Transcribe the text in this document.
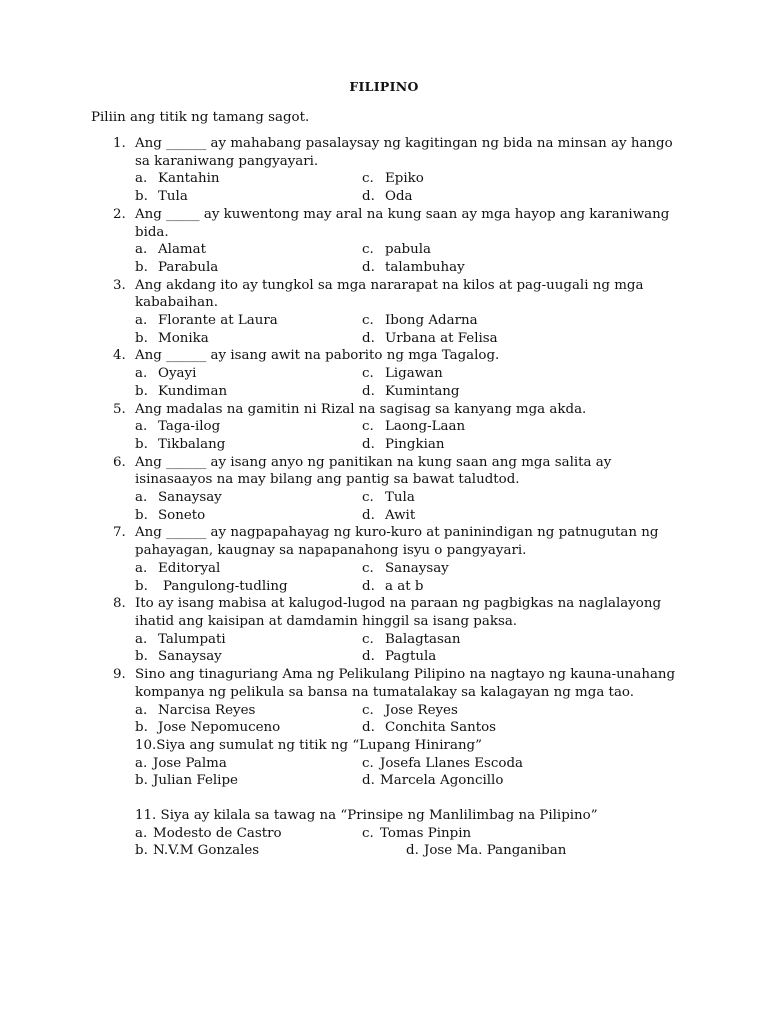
FILIPINO
Piliin ang titik ng tamang sagot.
1. Ang ______ ay mahabang pasalaysay ng kagitingan ng bida na minsan ay hango sa karaniwang pangyayari.
a. Kantahin	c. Epiko
b. Tula	d. Oda
2. Ang _____ ay kuwentong may aral na kung saan ay mga hayop ang karaniwang bida.
a. Alamat	c. pabula
b. Parabula	d. talambuhay
3. Ang akdang ito ay tungkol sa mga nararapat na kilos at pag-uugali ng mga kababaihan.
a. Florante at Laura	c. Ibong Adarna
b. Monika	d. Urbana at Felisa
4. Ang ______ ay isang awit na paborito ng mga Tagalog.
a. Oyayi	c. Ligawan
b. Kundiman	d. Kumintang
5. Ang madalas na gamitin ni Rizal na sagisag sa kanyang mga akda.
a. Taga-ilog	c. Laong-Laan
b. Tikbalang	d. Pingkian
6. Ang ______ ay isang anyo ng panitikan na kung saan ang mga salita ay isinasaayos na may bilang ang pantig sa bawat taludtod.
a. Sanaysay	c. Tula
b. Soneto	d. Awit
7. Ang ______ ay nagpapahayag ng kuro-kuro at paninindigan ng patnugutan ng pahayagan, kaugnay sa napapanahong isyu o pangyayari.
a. Editoryal	c. Sanaysay
b. Pangulong-tudling	d. a at b
8. Ito ay isang mabisa at kalugod-lugod na paraan ng pagbigkas na naglalayong ihatid ang kaisipan at damdamin hinggil sa isang paksa.
a. Talumpati	c. Balagtasan
b. Sanaysay	d. Pagtula
9. Sino ang tinaguriang Ama ng Pelikulang Pilipino na nagtayo ng kauna-unahang kompanya ng pelikula sa bansa na tumatalakay sa kalagayan ng mga tao.
a. Narcisa Reyes	c. Jose Reyes
b. Jose Nepomuceno	d. Conchita Santos
10.Siya ang sumulat ng titik ng “Lupang Hinirang”
a. Jose Palma	c. Josefa Llanes Escoda
b. Julian Felipe	d. Marcela Agoncillo
11. Siya ay kilala sa tawag na “Prinsipe ng Manlilimbag na Pilipino”
a. Modesto de Castro	c. Tomas Pinpin
b. N.V.M Gonzales	d. Jose Ma. Panganiban
